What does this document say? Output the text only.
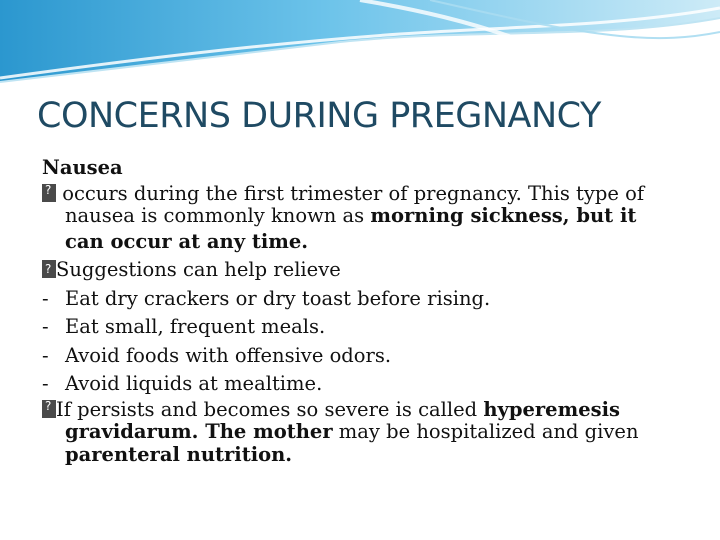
CONCERNS DURING PREGNANCY
Nausea
? occurs during the first trimester of pregnancy. This type of
nausea is commonly known as morning sickness, but it
can occur at any time.
?Suggestions can help relieve
- Eat dry crackers or dry toast before rising.
- Eat small, frequent meals.
- Avoid foods with offensive odors.
- Avoid liquids at mealtime.
?If persists and becomes so severe is called hyperemesis
gravidarum. The mother may be hospitalized and given
parenteral nutrition.
